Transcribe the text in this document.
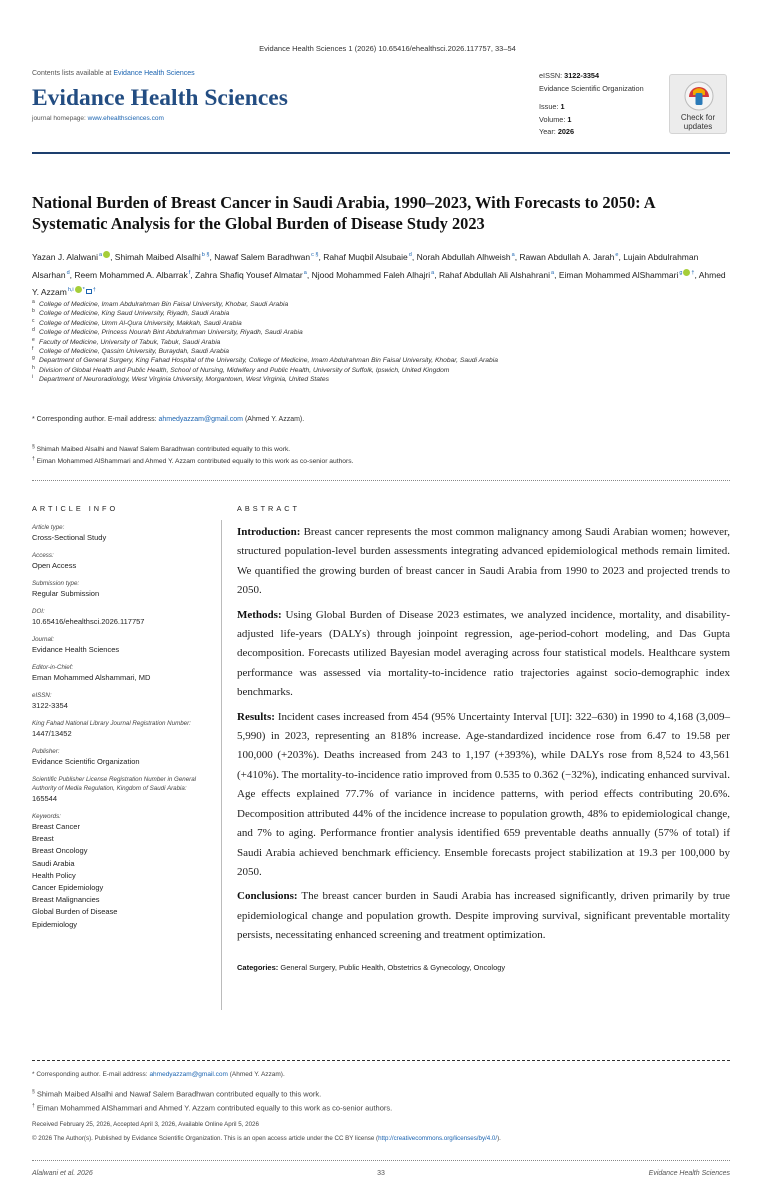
Evidance Health Sciences 1 (2026) 10.65416/ehealthsci.2026.117757, 33–54
Contents lists available at Evidance Health Sciences
Evidance Health Sciences
journal homepage: www.ehealthsciences.com
eISSN: 3122-3354
Evidance Scientific Organization
Issue: 1
Volume: 1
Year: 2026
Check for updates
National Burden of Breast Cancer in Saudi Arabia, 1990–2023, With Forecasts to 2050: A Systematic Analysis for the Global Burden of Disease Study 2023
Yazan J. Alalwani$^a$ , Shimah Maibed Alsalhi$^{b \S}$, Nawaf Salem Baradhwan$^{c \S}$, Rahaf Muqbil Alsubaie$^d$, Norah Abdullah Alhweish$^a$, Rawan Abdullah A. Jarah$^e$, Lujain Abdulrahman Alsarhan$^d$, Reem Mohammed A. Albarrak$^f$, Zahra Shafiq Yousef Almatar$^a$, Njood Mohammed Faleh Alhajri$^a$, Rahaf Abdullah Ali Alshahrani$^a$, Eiman Mohammed AlShammari$^g$ †, Ahmed Y. Azzam$^{h,i}$ * †
a College of Medicine, Imam Abdulrahman Bin Faisal University, Khobar, Saudi Arabia
b College of Medicine, King Saud University, Riyadh, Saudi Arabia
c College of Medicine, Umm Al-Qura University, Makkah, Saudi Arabia
d College of Medicine, Princess Nourah Bint Abdulrahman University, Riyadh, Saudi Arabia
e Faculty of Medicine, University of Tabuk, Tabuk, Saudi Arabia
f College of Medicine, Qassim University, Buraydah, Saudi Arabia
g Department of General Surgery, King Fahad Hospital of the University, College of Medicine, Imam Abdulrahman Bin Faisal University, Khobar, Saudi Arabia
h Division of Global Health and Public Health, School of Nursing, Midwifery and Public Health, University of Suffolk, Ipswich, United Kingdom
i Department of Neuroradiology, West Virginia University, Morgantown, West Virginia, United States
* Corresponding author. E-mail address: ahmedyazzam@gmail.com (Ahmed Y. Azzam).
§ Shimah Maibed Alsalhi and Nawaf Salem Baradhwan contributed equally to this work.
† Eiman Mohammed AlShammari and Ahmed Y. Azzam contributed equally to this work as co-senior authors.
ARTICLE INFO	ABSTRACT
Article type:
Cross-Sectional Study
Access:
Open Access
Submission type:
Regular Submission
DOI:
10.65416/ehealthsci.2026.117757
Journal:
Evidance Health Sciences
Editor-in-Chief:
Eman Mohammed Alshammari, MD
eISSN:
3122-3354
King Fahad National Library Journal Registration Number:
1447/13452
Publisher:
Evidance Scientific Organization
Scientific Publisher License Registration Number in General Authority of Media Regulation, Kingdom of Saudi Arabia:
165544
Keywords:
Breast Cancer
Breast
Breast Oncology
Saudi Arabia
Health Policy
Cancer Epidemiology
Breast Malignancies
Global Burden of Disease
Epidemiology

Introduction: Breast cancer represents the most common malignancy among Saudi Arabian women; however, structured population-level burden assessments integrating advanced epidemiological methods remain limited. We quantified the growing burden of breast cancer in Saudi Arabia from 1990 to 2023 and projected trends to 2050.

Methods: Using Global Burden of Disease 2023 estimates, we analyzed incidence, mortality, and disability-adjusted life-years (DALYs) through joinpoint regression, age-period-cohort modeling, and Das Gupta decomposition. Forecasts utilized Bayesian model averaging across four statistical models. Healthcare system performance was assessed via mortality-to-incidence ratio trajectories against socio-demographic index benchmarks.

Results: Incident cases increased from 454 (95% Uncertainty Interval [UI]: 322–630) in 1990 to 4,168 (3,009–5,990) in 2023, representing an 818% increase. Age-standardized incidence rose from 6.47 to 19.58 per 100,000 (+203%). Deaths increased from 243 to 1,197 (+393%), while DALYs rose from 8,524 to 43,561 (+410%). The mortality-to-incidence ratio improved from 0.535 to 0.362 (−32%), indicating enhanced survival. Age effects explained 77.7% of variance in incidence patterns, with period effects contributing 20.6%. Decomposition attributed 44% of the incidence increase to population growth, 48% to epidemiological change, and 7% to aging. Performance frontier analysis identified 659 preventable deaths annually (57% of total) if Saudi Arabia achieved benchmark efficiency. Ensemble forecasts project stabilization at 19.3 per 100,000 by 2050.

Conclusions: The breast cancer burden in Saudi Arabia has increased significantly, driven primarily by true epidemiological change and population growth. Despite improving survival, significant preventable mortality persists, necessitating enhanced screening and treatment optimization.

Categories: General Surgery, Public Health, Obstetrics & Gynecology, Oncology
* Corresponding author. E-mail address: ahmedyazzam@gmail.com (Ahmed Y. Azzam).
§ Shimah Maibed Alsalhi and Nawaf Salem Baradhwan contributed equally to this work.
† Eiman Mohammed AlShammari and Ahmed Y. Azzam contributed equally to this work as co-senior authors.
Received February 25, 2026, Accepted April 3, 2026, Available Online April 5, 2026
© 2026 The Author(s). Published by Evidance Scientific Organization. This is an open access article under the CC BY license (http://creativecommons.org/licenses/by/4.0/).
33
Alalwani et al. 2026	Evidance Health Sciences
